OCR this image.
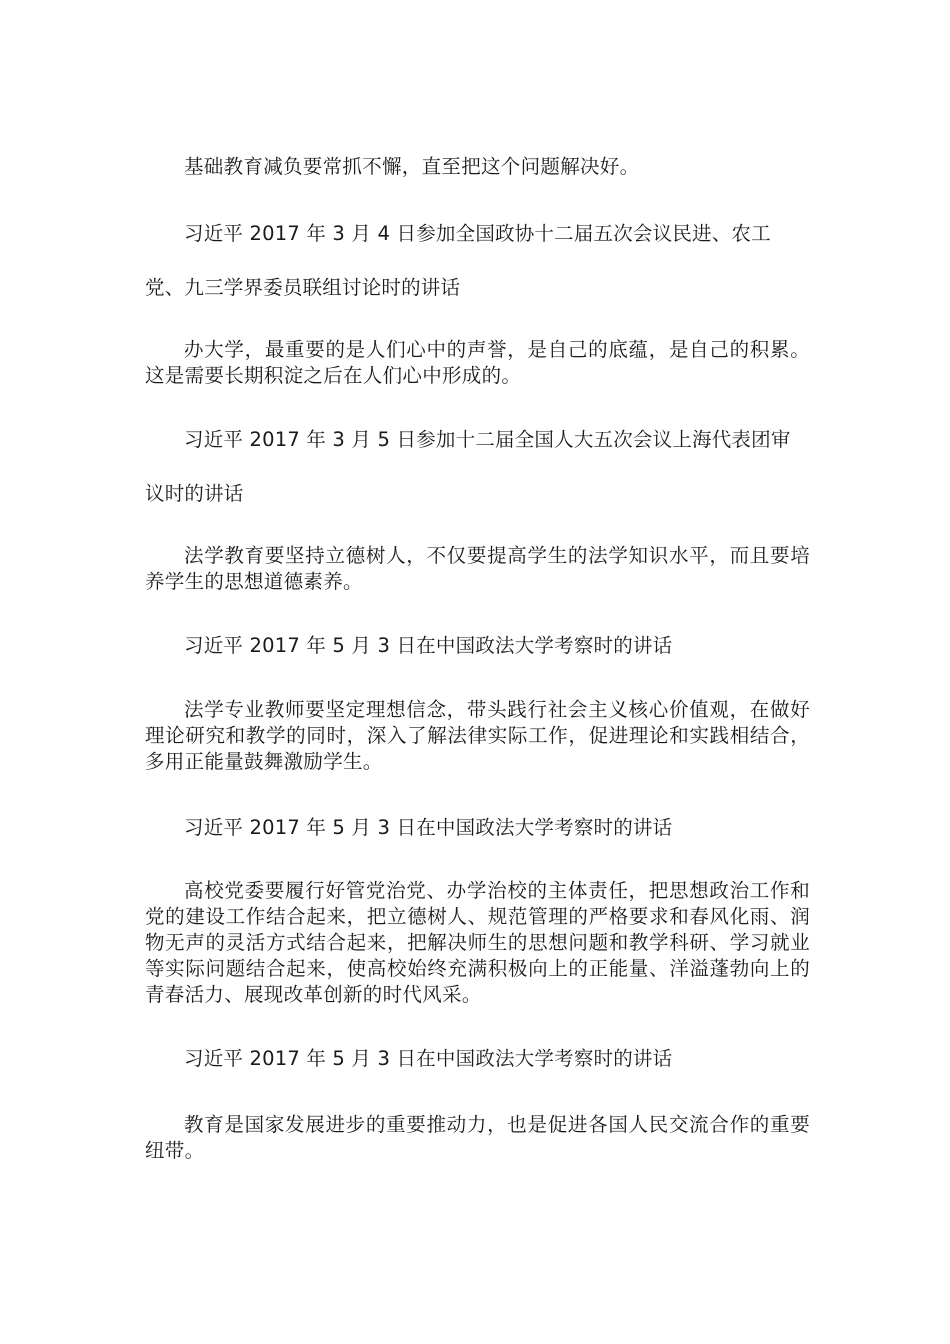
基础教育减负要常抓不懈，直至把这个问题解决好。

习近平 2017 年 3 月 4 日参加全国政协十二届五次会议民进、农工党、九三学界委员联组讨论时的讲话

办大学，最重要的是人们心中的声誉，是自己的底蕴，是自己的积累。这是需要长期积淀之后在人们心中形成的。

习近平 2017 年 3 月 5 日参加十二届全国人大五次会议上海代表团审议时的讲话

法学教育要坚持立德树人，不仅要提高学生的法学知识水平，而且要培养学生的思想道德素养。

习近平 2017 年 5 月 3 日在中国政法大学考察时的讲话

法学专业教师要坚定理想信念，带头践行社会主义核心价值观，在做好理论研究和教学的同时，深入了解法律实际工作，促进理论和实践相结合，多用正能量鼓舞激励学生。

习近平 2017 年 5 月 3 日在中国政法大学考察时的讲话

高校党委要履行好管党治党、办学治校的主体责任，把思想政治工作和党的建设工作结合起来，把立德树人、规范管理的严格要求和春风化雨、润物无声的灵活方式结合起来，把解决师生的思想问题和教学科研、学习就业等实际问题结合起来，使高校始终充满积极向上的正能量、洋溢蓬勃向上的青春活力、展现改革创新的时代风采。

习近平 2017 年 5 月 3 日在中国政法大学考察时的讲话

教育是国家发展进步的重要推动力，也是促进各国人民交流合作的重要纽带。
